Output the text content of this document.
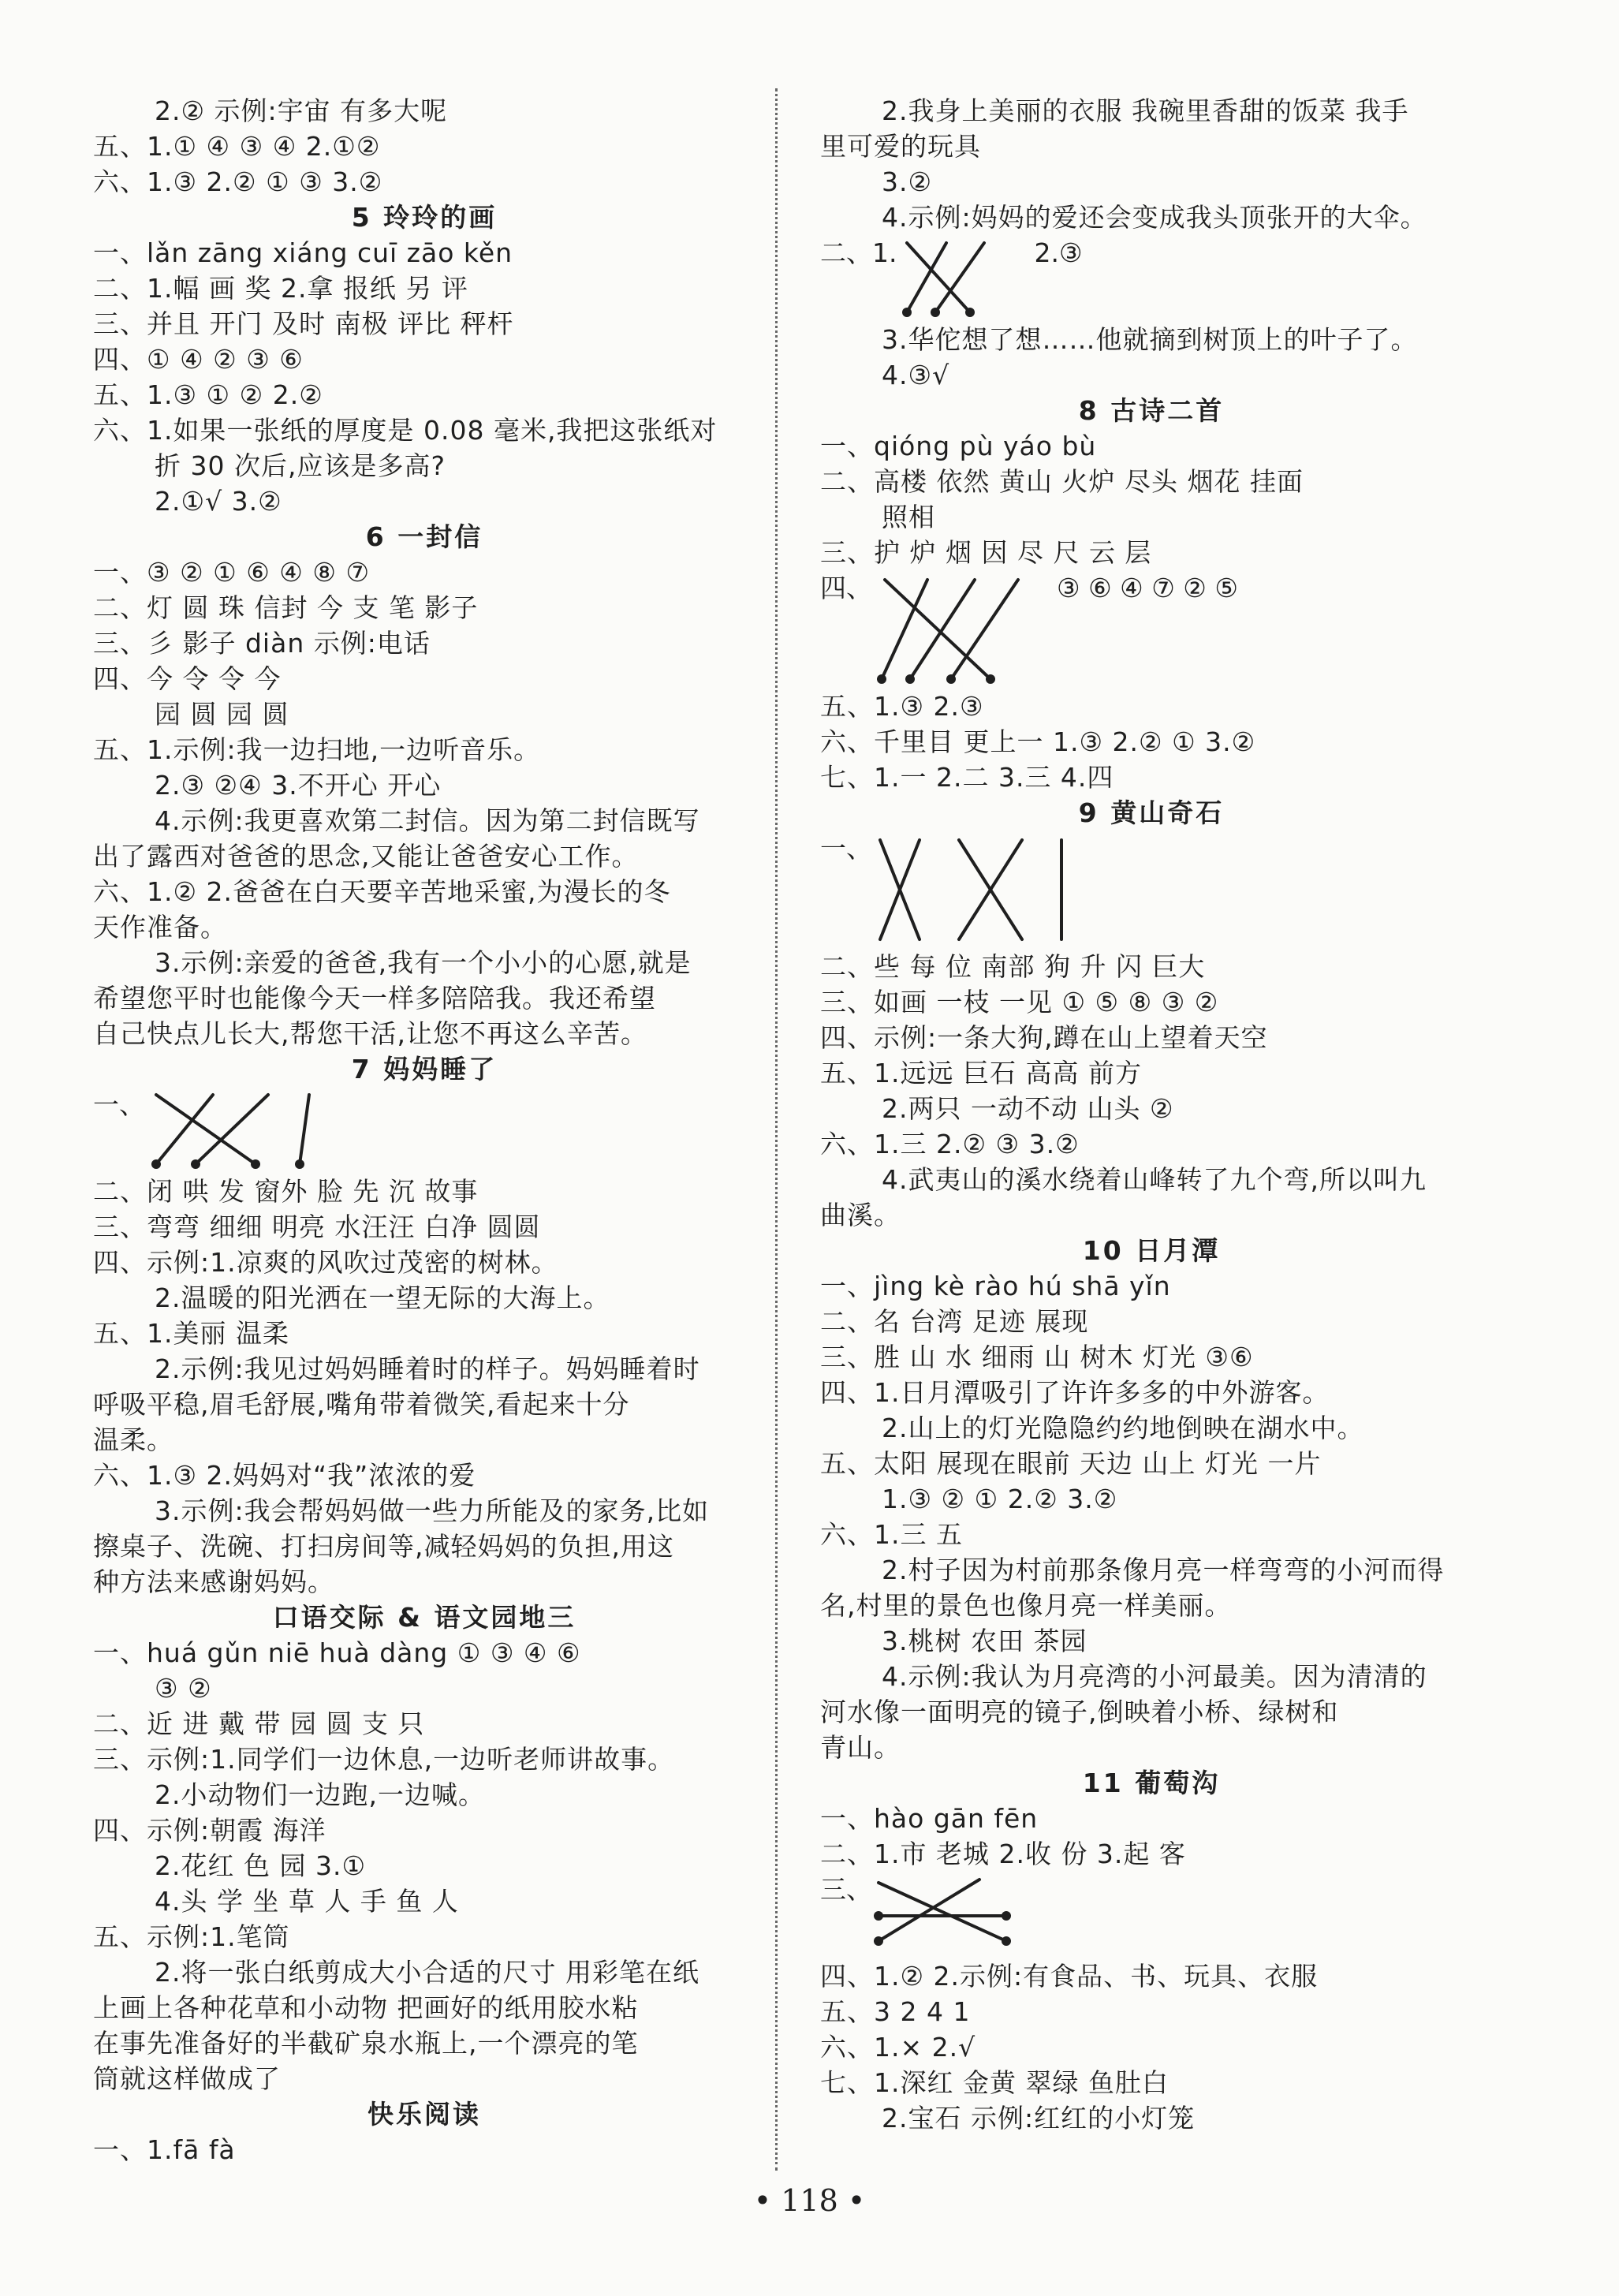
2.② 示例:宇宙 有多大呢
五、1.① ④ ③ ④ 2.①②
六、1.③ 2.② ① ③ 3.②
5 玲玲的画
一、lǎn zāng xiáng cuī zāo kěn
二、1.幅 画 奖 2.拿 报纸 另 评
三、并且 开门 及时 南极 评比 秤杆
四、① ④ ② ③ ⑥
五、1.③ ① ② 2.②
六、1.如果一张纸的厚度是 0.08 毫米,我把这张纸对
折 30 次后,应该是多高?
2.①√ 3.②
6 一封信
一、③ ② ① ⑥ ④ ⑧ ⑦
二、灯 圆 珠 信封 今 支 笔 影子
三、彡 影子 diàn 示例:电话
四、今 令 令 今
园 圆 园 圆
五、1.示例:我一边扫地,一边听音乐。
2.③ ②④ 3.不开心 开心
4.示例:我更喜欢第二封信。因为第二封信既写
出了露西对爸爸的思念,又能让爸爸安心工作。
六、1.② 2.爸爸在白天要辛苦地采蜜,为漫长的冬
天作准备。
3.示例:亲爱的爸爸,我有一个小小的心愿,就是
希望您平时也能像今天一样多陪陪我。我还希望
自己快点儿长大,帮您干活,让您不再这么辛苦。
7 妈妈睡了
一、
二、闭 哄 发 窗外 脸 先 沉 故事
三、弯弯 细细 明亮 水汪汪 白净 圆圆
四、示例:1.凉爽的风吹过茂密的树林。
2.温暖的阳光洒在一望无际的大海上。
五、1.美丽 温柔
2.示例:我见过妈妈睡着时的样子。妈妈睡着时
呼吸平稳,眉毛舒展,嘴角带着微笑,看起来十分
温柔。
六、1.③ 2.妈妈对“我”浓浓的爱
3.示例:我会帮妈妈做一些力所能及的家务,比如
擦桌子、洗碗、打扫房间等,减轻妈妈的负担,用这
种方法来感谢妈妈。
口语交际 & 语文园地三
一、huá gǔn niē huà dàng ① ③ ④ ⑥
③ ②
二、近 进 戴 带 园 圆 支 只
三、示例:1.同学们一边休息,一边听老师讲故事。
2.小动物们一边跑,一边喊。
四、示例:朝霞 海洋
2.花红 色 园 3.①
4.头 学 坐 草 人 手 鱼 人
五、示例:1.笔筒
2.将一张白纸剪成大小合适的尺寸 用彩笔在纸
上画上各种花草和小动物 把画好的纸用胶水粘
在事先准备好的半截矿泉水瓶上,一个漂亮的笔
筒就这样做成了
快乐阅读
一、1.fā fà
2.我身上美丽的衣服 我碗里香甜的饭菜 我手
里可爱的玩具
3.②
4.示例:妈妈的爱还会变成我头顶张开的大伞。
二、1.	2.③
3.华佗想了想……他就摘到树顶上的叶子了。
4.③√
8 古诗二首
一、qióng pù yáo bù
二、高楼 依然 黄山 火炉 尽头 烟花 挂面
照相
三、护 炉 烟 因 尽 尺 云 层
四、	③ ⑥ ④ ⑦ ② ⑤
五、1.③ 2.③
六、千里目 更上一 1.③ 2.② ① 3.②
七、1.一 2.二 3.三 4.四
9 黄山奇石
一、
二、些 每 位 南部 狗 升 闪 巨大
三、如画 一枝 一见 ① ⑤ ⑧ ③ ②
四、示例:一条大狗,蹲在山上望着天空
五、1.远远 巨石 高高 前方
2.两只 一动不动 山头 ②
六、1.三 2.② ③ 3.②
4.武夷山的溪水绕着山峰转了九个弯,所以叫九
曲溪。
10 日月潭
一、jìng kè rào hú shā yǐn
二、名 台湾 足迹 展现
三、胜 山 水 细雨 山 树木 灯光 ③⑥
四、1.日月潭吸引了许许多多的中外游客。
2.山上的灯光隐隐约约地倒映在湖水中。
五、太阳 展现在眼前 天边 山上 灯光 一片
1.③ ② ① 2.② 3.②
六、1.三 五
2.村子因为村前那条像月亮一样弯弯的小河而得
名,村里的景色也像月亮一样美丽。
3.桃树 农田 茶园
4.示例:我认为月亮湾的小河最美。因为清清的
河水像一面明亮的镜子,倒映着小桥、绿树和
青山。
11 葡萄沟
一、hào gān fēn
二、1.市 老城 2.收 份 3.起 客
三、
四、1.② 2.示例:有食品、书、玩具、衣服
五、3 2 4 1
六、1.× 2.√
七、1.深红 金黄 翠绿 鱼肚白
2.宝石 示例:红红的小灯笼
• 118 •
